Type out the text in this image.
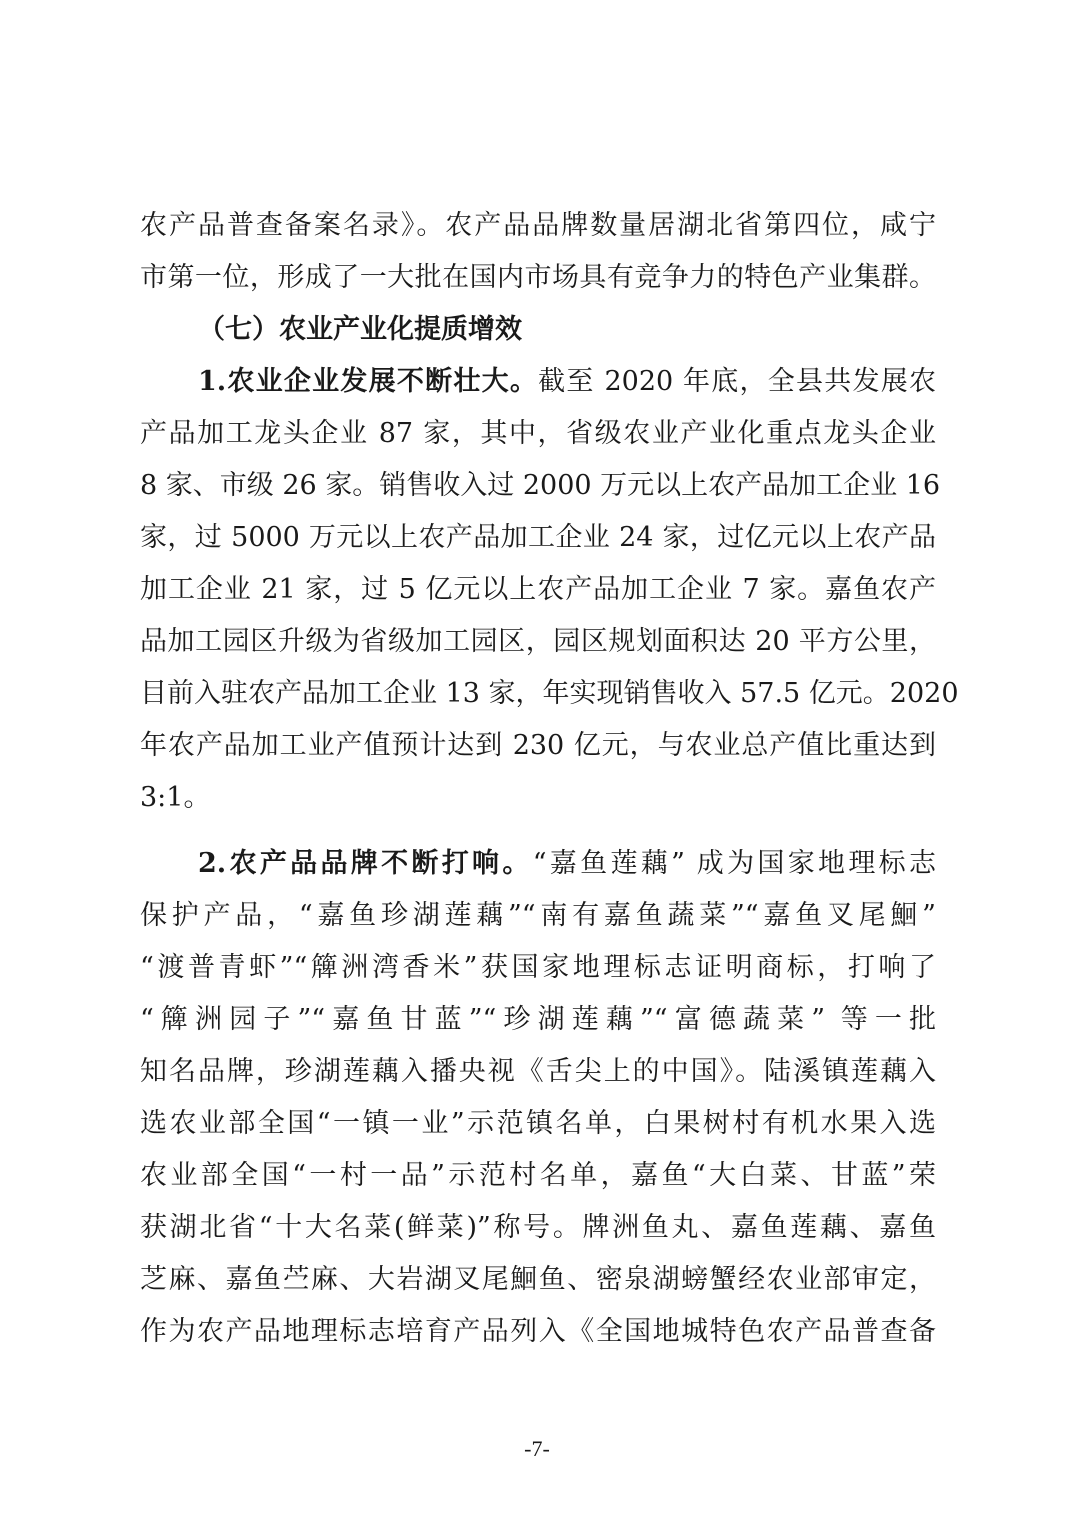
农产品普查备案名录》。农产品品牌数量居湖北省第四位，咸宁
市第一位，形成了一大批在国内市场具有竞争力的特色产业集群。
（七）农业产业化提质增效
1.农业企业发展不断壮大。截至 2020 年底，全县共发展农
产品加工龙头企业 87 家，其中，省级农业产业化重点龙头企业
8 家、市级 26 家。销售收入过 2000 万元以上农产品加工企业 16
家，过 5000 万元以上农产品加工企业 24 家，过亿元以上农产品
加工企业 21 家，过 5 亿元以上农产品加工企业 7 家。嘉鱼农产
品加工园区升级为省级加工园区，园区规划面积达 20 平方公里，
目前入驻农产品加工企业 13 家，年实现销售收入 57.5 亿元。2020
年农产品加工业产值预计达到 230 亿元，与农业总产值比重达到
3:1。
2.农产品品牌不断打响。“嘉鱼莲藕” 成为国家地理标志
保护产品，“嘉鱼珍湖莲藕”“南有嘉鱼蔬菜”“嘉鱼叉尾鮰”
“渡普青虾”“簰洲湾香米”获国家地理标志证明商标，打响了
“簰洲园子”“嘉鱼甘蓝”“珍湖莲藕”“富德蔬菜” 等一批
知名品牌，珍湖莲藕入播央视《舌尖上的中国》。陆溪镇莲藕入
选农业部全国“一镇一业”示范镇名单，白果树村有机水果入选
农业部全国“一村一品”示范村名单，嘉鱼“大白菜、甘蓝”荣
获湖北省“十大名菜(鲜菜)”称号。牌洲鱼丸、嘉鱼莲藕、嘉鱼
芝麻、嘉鱼苎麻、大岩湖叉尾鮰鱼、密泉湖螃蟹经农业部审定，
作为农产品地理标志培育产品列入《全国地城特色农产品普查备
-7-
